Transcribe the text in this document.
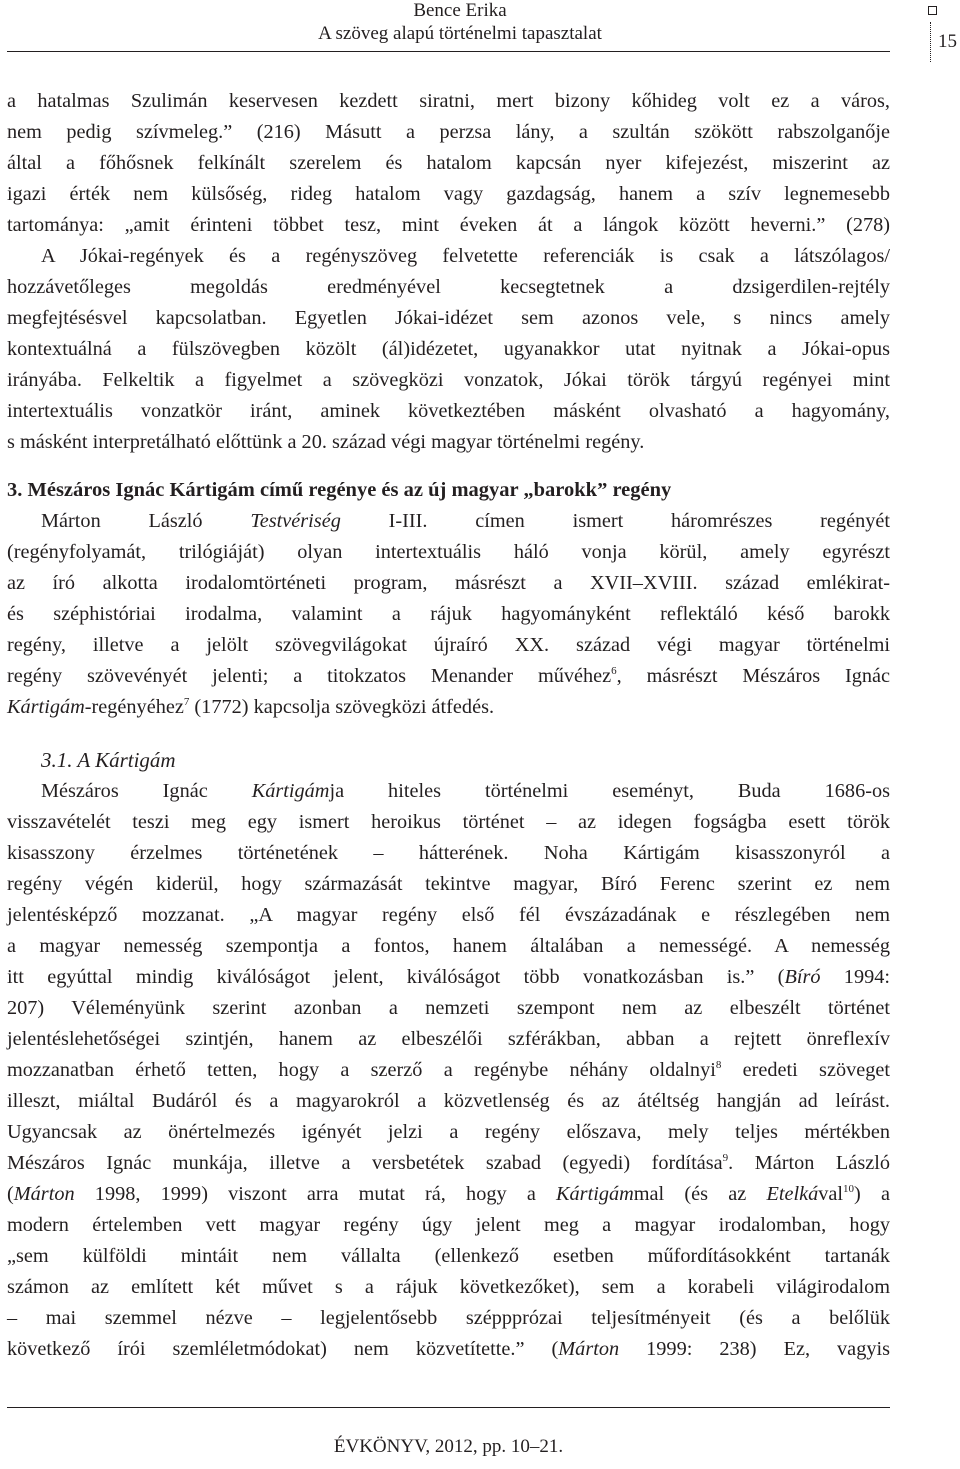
Bence Erika
A szöveg alapú történelmi tapasztalat	15
a hatalmas Szulimán keservesen kezdett siratni, mert bizony kőhideg volt ez a város,
nem pedig szívmeleg.” (216) Másutt a perzsa lány, a szultán szökött rabszolganője
által a főhősnek felkínált szerelem és hatalom kapcsán nyer kifejezést, miszerint az
igazi érték nem külsőség, rideg hatalom vagy gazdagság, hanem a szív legnemesebb
tartománya: „amit érinteni többet tesz, mint éveken át a lángok között heverni.” (278)
A Jókai-regények és a regényszöveg felvetette referenciák is csak a látszólagos/
hozzávetőleges megoldás eredményével kecsegtetnek a dzsigerdilen-rejtély
megfejtésésvel kapcsolatban. Egyetlen Jókai-idézet sem azonos vele, s nincs amely
kontextuálná a fülszövegben közölt (ál)idézetet, ugyanakkor utat nyitnak a Jókai-opus
irányába. Felkeltik a figyelmet a szövegközi vonzatok, Jókai török tárgyú regényei mint
intertextuális vonzatkör iránt, aminek következtében másként olvasható a hagyomány,
s másként interpretálható előttünk a 20. század végi magyar történelmi regény.
3. Mészáros Ignác Kártigám című regénye és az új magyar „barokk” regény
Márton László Testvériség I-III. címen ismert háromrészes regényét
(regényfolyamát, trilógiáját) olyan intertextuális háló vonja körül, amely egyrészt
az író alkotta irodalomtörténeti program, másrészt a XVII–XVIII. század emlékirat-
és széphistóriai irodalma, valamint a rájuk hagyományként reflektáló késő barokk
regény, illetve a jelölt szövegvilágokat újraíró XX. század végi magyar történelmi
regény szövevényét jelenti; a titokzatos Menander művéhez$^6$, másrészt Mészáros Ignác
Kártigám-regényéhez$^7$ (1772) kapcsolja szövegközi átfedés.
3.1. A Kártigám
Mészáros Ignác Kártigámja hiteles történelmi eseményt, Buda 1686-os
visszavételét teszi meg egy ismert heroikus történet – az idegen fogságba esett török
kisasszony érzelmes történetének – hátterének. Noha Kártigám kisasszonyról a
regény végén kiderül, hogy származását tekintve magyar, Bíró Ferenc szerint ez nem
jelentésképző mozzanat. „A magyar regény első fél évszázadának e részlegében nem
a magyar nemesség szempontja a fontos, hanem általában a nemességé. A nemesség
itt egyúttal mindig kiválóságot jelent, kiválóságot több vonatkozásban is.” (Bíró 1994:
207) Véleményünk szerint azonban a nemzeti szempont nem az elbeszélt történet
jelentéslehetőségei szintjén, hanem az elbeszélői szférákban, abban a rejtett önreflexív
mozzanatban érhető tetten, hogy a szerző a regénybe néhány oldalnyi$^8$ eredeti szöveget
illeszt, miáltal Budáról és a magyarokról a közvetlenség és az átéltség hangján ad leírást.
Ugyancsak az önértelmezés igényét jelzi a regény előszava, mely teljes mértékben
Mészáros Ignác munkája, illetve a versbetétek szabad (egyedi) fordítása$^9$. Márton László
(Márton 1998, 1999) viszont arra mutat rá, hogy a Kártigámmal (és az Etelkával$^{10}$) a
modern értelemben vett magyar regény úgy jelent meg a magyar irodalomban, hogy
„sem külföldi mintáit nem vállalta (ellenkező esetben műfordításokként tartanák
számon az említett két művet s a rájuk következőket), sem a korabeli világirodalom
– mai szemmel nézve – legjelentősebb széppprózai teljesítményeit (és a belőlük
következő írói szemléletmódokat) nem közvetítette.” (Márton 1999: 238) Ez, vagyis
ÉVKÖNYV, 2012, pp. 10–21.
